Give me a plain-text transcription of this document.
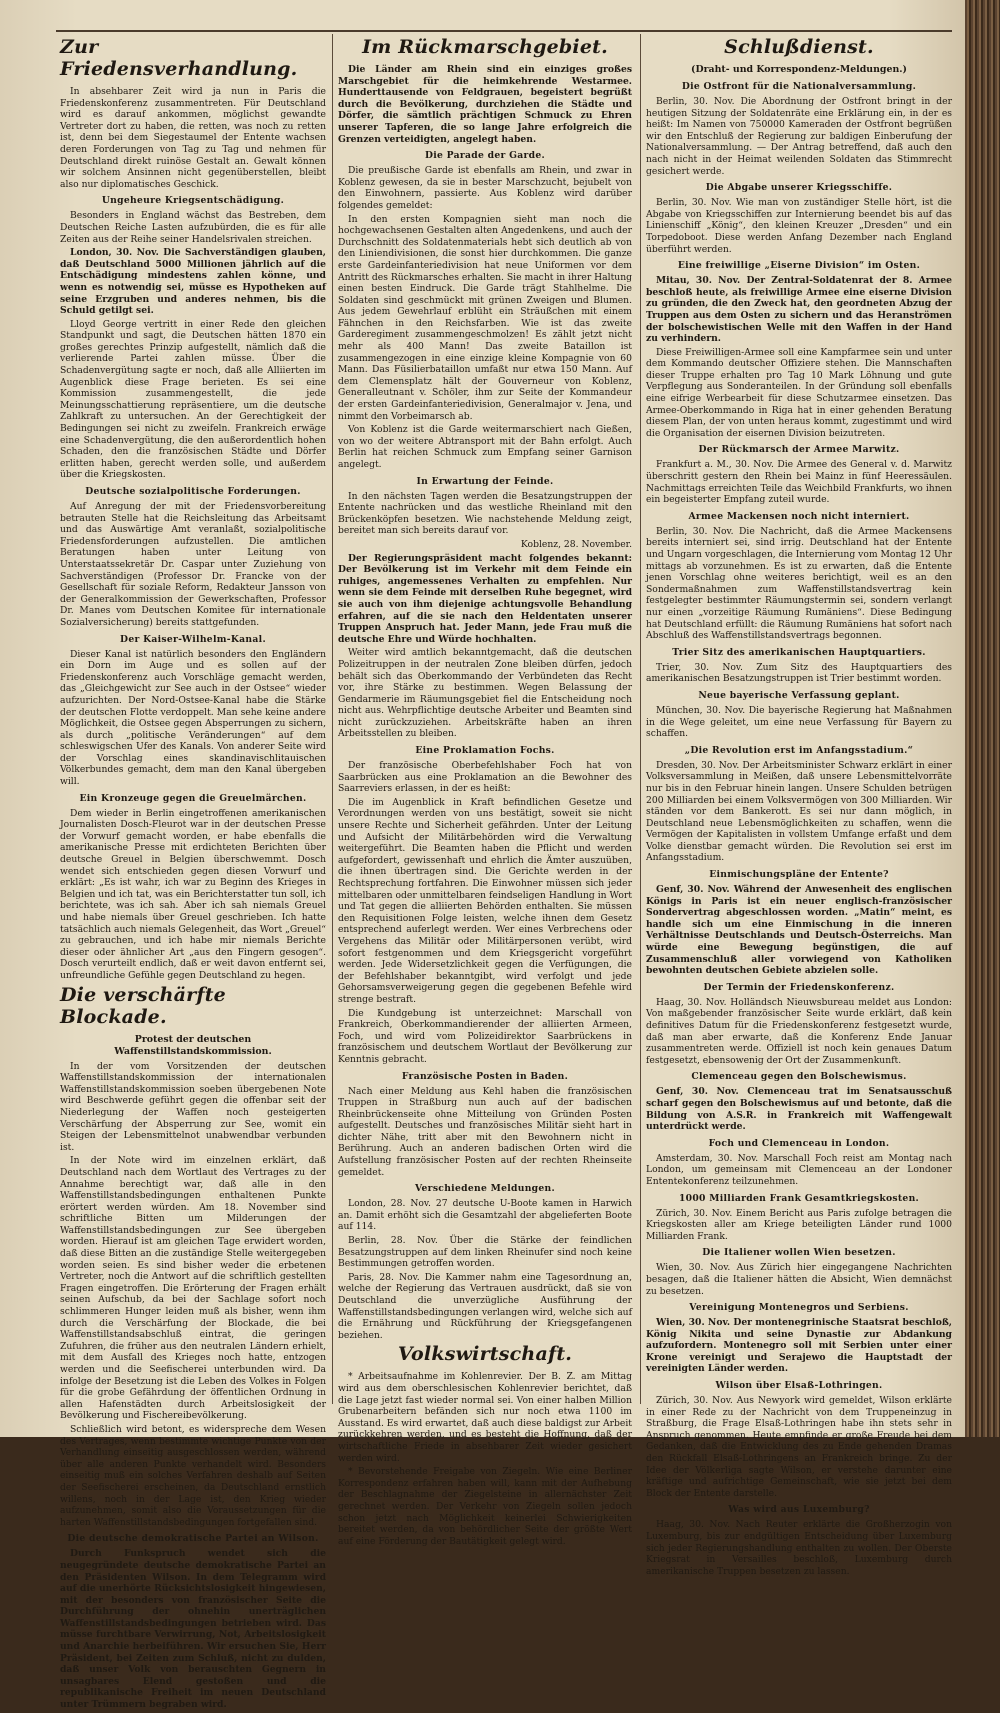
Zur Friedensverhandlung.

In absehbarer Zeit wird ja nun in Paris die Friedenskonferenz zusammentreten. Für Deutschland wird es darauf ankommen, möglichst gewandte Vertreter dort zu haben, die retten, was noch zu retten ist, denn bei dem Siegestaumel der Entente wachsen deren Forderungen von Tag zu Tag und nehmen für Deutschland direkt ruinöse Gestalt an. Gewalt können wir solchem Ansinnen nicht gegenüberstellen, bleibt also nur diplomatisches Geschick.

Ungeheure Kriegsentschädigung.

Besonders in England wächst das Bestreben, dem Deutschen Reiche Lasten aufzubürden, die es für alle Zeiten aus der Reihe seiner Handelsrivalen streichen.

London, 30. Nov. Die Sachverständigen glauben, daß Deutschland 5000 Millionen jährlich auf die Entschädigung mindestens zahlen könne, und wenn es notwendig sei, müsse es Hypotheken auf seine Erzgruben und anderes nehmen, bis die Schuld getilgt sei.

Lloyd George vertritt in einer Rede den gleichen Standpunkt und sagt, die Deutschen hätten 1870 ein großes gerechtes Prinzip aufgestellt, nämlich daß die verlierende Partei zahlen müsse. Über die Schadenvergütung sagte er noch, daß alle Alliierten im Augenblick diese Frage berieten. Es sei eine Kommission zusammengestellt, die jede Meinungsschattierung repräsentiere, um die deutsche Zahlkraft zu untersuchen. An der Gerechtigkeit der Bedingungen sei nicht zu zweifeln. Frankreich erwäge eine Schadenvergütung, die den außerordentlich hohen Schaden, den die französischen Städte und Dörfer erlitten haben, gerecht werden solle, und außerdem über die Kriegskosten.

Deutsche sozialpolitische Forderungen.

Auf Anregung der mit der Friedensvorbereitung betrauten Stelle hat die Reichsleitung das Arbeitsamt und das Auswärtige Amt veranlaßt, sozialpolitische Friedensforderungen aufzustellen. Die amtlichen Beratungen haben unter Leitung von Unterstaatssekretär Dr. Caspar unter Zuziehung von Sachverständigen (Professor Dr. Francke von der Gesellschaft für soziale Reform, Redakteur Jansson von der Generalkommission der Gewerkschaften, Professor Dr. Manes vom Deutschen Komitee für internationale Sozialversicherung) bereits stattgefunden.

Der Kaiser-Wilhelm-Kanal.

Dieser Kanal ist natürlich besonders den Engländern ein Dorn im Auge und es sollen auf der Friedenskonferenz auch Vorschläge gemacht werden, das „Gleichgewicht zur See auch in der Ostsee“ wieder aufzurichten. Der Nord-Ostsee-Kanal habe die Stärke der deutschen Flotte verdoppelt. Man sehe keine andere Möglichkeit, die Ostsee gegen Absperrungen zu sichern, als durch „politische Veränderungen“ auf dem schleswigschen Ufer des Kanals. Von anderer Seite wird der Vorschlag eines skandinavischlitauischen Völkerbundes gemacht, dem man den Kanal übergeben will.

Ein Kronzeuge gegen die Greuelmärchen.

Dem wieder in Berlin eingetroffenen amerikanischen Journalisten Dosch-Fleurot war in der deutschen Presse der Vorwurf gemacht worden, er habe ebenfalls die amerikanische Presse mit erdichteten Berichten über deutsche Greuel in Belgien überschwemmt. Dosch wendet sich entschieden gegen diesen Vorwurf und erklärt: „Es ist wahr, ich war zu Beginn des Krieges in Belgien und ich tat, was ein Berichterstatter tun soll, ich berichtete, was ich sah. Aber ich sah niemals Greuel und habe niemals über Greuel geschrieben. Ich hatte tatsächlich auch niemals Gelegenheit, das Wort „Greuel“ zu gebrauchen, und ich habe mir niemals Berichte dieser oder ähnlicher Art „aus den Fingern gesogen“. Dosch verurteilt endlich, daß er weit davon entfernt sei, unfreundliche Gefühle gegen Deutschland zu hegen.

Die verschärfte Blockade.
Protest der deutschen Waffenstillstandskommission.

In der vom Vorsitzenden der deutschen Waffenstillstandskommission der internationalen Waffenstillstandskommission soeben übergebenen Note wird Beschwerde geführt gegen die offenbar seit der Niederlegung der Waffen noch gesteigerten Verschärfung der Absperrung zur See, womit ein Steigen der Lebensmittelnot unabwendbar verbunden ist.

In der Note wird im einzelnen erklärt, daß Deutschland nach dem Wortlaut des Vertrages zu der Annahme berechtigt war, daß alle in den Waffenstillstandsbedingungen enthaltenen Punkte erörtert werden würden. Am 18. November sind schriftliche Bitten um Milderungen der Waffenstillstandsbedingungen zur See übergeben worden. Hierauf ist am gleichen Tage erwidert worden, daß diese Bitten an die zuständige Stelle weitergegeben worden seien. Es sind bisher weder die erbetenen Vertreter, noch die Antwort auf die schriftlich gestellten Fragen eingetroffen. Die Erörterung der Fragen erhält seinen Aufschub, da bei der Sachlage sofort noch schlimmeren Hunger leiden muß als bisher, wenn ihm durch die Verschärfung der Blockade, die bei Waffenstillstandsabschluß eintrat, die geringen Zufuhren, die früher aus den neutralen Ländern erhielt, mit dem Ausfall des Krieges noch hatte, entzogen werden und die Seefischerei unterbunden wird. Da infolge der Besetzung ist die Leben des Volkes in Folgen für die grobe Gefährdung der öffentlichen Ordnung in allen Hafenstädten durch Arbeitslosigkeit der Bevölkerung und Fischereibevölkerung.

Schließlich wird betont, es widerspreche dem Wesen des Vertrages, wenn bestimmte wichtige Punkte von der Verhandlung einseitig ausgeschlossen werden, während über alle anderen Punkte verhandelt wird. Besonders einseitig muß ein solches Verfahren deshalb auf Seiten der Seefischerei erscheinen, da Deutschland ernstlich willens, noch in der Lage ist, den Krieg wieder aufzunehmen, somit also die Voraussetzungen für die harten Waffenstillstandsbedingungen fortgefallen sind.

Die deutsche demokratische Partei an Wilson.

Durch Funkspruch wendet sich die neugegründete deutsche demokratische Partei an den Präsidenten Wilson. In dem Telegramm wird auf die unerhörte Rücksichtslosigkeit hingewiesen, mit der besonders von französischer Seite die Durchführung der ohnehin unerträglichen Waffenstillstandsbedingungen betrieben wird. Das müsse furchtbare Verwirrung, Not, Arbeitslosigkeit und Anarchie herbeiführen. Wir ersuchen Sie, Herr Präsident, bei Zeiten zum Schluß, nicht zu dulden, daß unser Volk von berauschten Gegnern in unsagbares Elend gestoßen und die republikanische Freiheit im neuen Deutschland unter Trümmern begraben wird.

Im Rückmarschgebiet.

Die Länder am Rhein sind ein einziges großes Marschgebiet für die heimkehrende Westarmee. Hunderttausende von Feldgrauen, begeistert begrüßt durch die Bevölkerung, durchziehen die Städte und Dörfer, die sämtlich prächtigen Schmuck zu Ehren unserer Tapferen, die so lange Jahre erfolgreich die Grenzen verteidigten, angelegt haben.

Die Parade der Garde.

Die preußische Garde ist ebenfalls am Rhein, und zwar in Koblenz gewesen, da sie in bester Marschzucht, bejubelt von den Einwohnern, passierte. Aus Koblenz wird darüber folgendes gemeldet:

In den ersten Kompagnien sieht man noch die hochgewachsenen Gestalten alten Angedenkens, und auch der Durchschnitt des Soldatenmaterials hebt sich deutlich ab von den Liniendivisionen, die sonst hier durchkommen. Die ganze erste Gardeinfanteriedivision hat neue Uniformen vor dem Antritt des Rückmarsches erhalten. Sie macht in ihrer Haltung einen besten Eindruck. Die Garde trägt Stahlhelme. Die Soldaten sind geschmückt mit grünen Zweigen und Blumen. Aus jedem Gewehrlauf erblüht ein Sträußchen mit einem Fähnchen in den Reichsfarben. Wie ist das zweite Garderegiment zusammengeschmolzen! Es zählt jetzt nicht mehr als 400 Mann! Das zweite Bataillon ist zusammengezogen in eine einzige kleine Kompagnie von 60 Mann. Das Füsilierbataillon umfaßt nur etwa 150 Mann. Auf dem Clemensplatz hält der Gouverneur von Koblenz, Generalleutnant v. Schöler, ihm zur Seite der Kommandeur der ersten Gardeinfanteriedivision, Generalmajor v. Jena, und nimmt den Vorbeimarsch ab.

Von Koblenz ist die Garde weitermarschiert nach Gießen, von wo der weitere Abtransport mit der Bahn erfolgt. Auch Berlin hat reichen Schmuck zum Empfang seiner Garnison angelegt.

In Erwartung der Feinde.

In den nächsten Tagen werden die Besatzungstruppen der Entente nachrücken und das westliche Rheinland mit den Brückenköpfen besetzen. Wie nachstehende Meldung zeigt, bereitet man sich bereits darauf vor.

Koblenz, 28. November.

Der Regierungspräsident macht folgendes bekannt: Der Bevölkerung ist im Verkehr mit dem Feinde ein ruhiges, angemessenes Verhalten zu empfehlen. Nur wenn sie dem Feinde mit derselben Ruhe begegnet, wird sie auch von ihm diejenige achtungsvolle Behandlung erfahren, auf die sie nach den Heldentaten unserer Truppen Anspruch hat. Jeder Mann, jede Frau muß die deutsche Ehre und Würde hochhalten.

Weiter wird amtlich bekanntgemacht, daß die deutschen Polizeitruppen in der neutralen Zone bleiben dürfen, jedoch behält sich das Oberkommando der Verbündeten das Recht vor, ihre Stärke zu bestimmen. Wegen Belassung der Gendarmerie im Räumungsgebiet fiel die Entscheidung noch nicht aus. Wehrpflichtige deutsche Arbeiter und Beamten sind nicht zurückzuziehen. Arbeitskräfte haben an ihren Arbeitsstellen zu bleiben.

Eine Proklamation Fochs.

Der französische Oberbefehlshaber Foch hat von Saarbrücken aus eine Proklamation an die Bewohner des Saarreviers erlassen, in der es heißt:

Die im Augenblick in Kraft befindlichen Gesetze und Verordnungen werden von uns bestätigt, soweit sie nicht unsere Rechte und Sicherheit gefährden. Unter der Leitung und Aufsicht der Militärbehörden wird die Verwaltung weitergeführt. Die Beamten haben die Pflicht und werden aufgefordert, gewissenhaft und ehrlich die Ämter auszuüben, die ihnen übertragen sind. Die Gerichte werden in der Rechtsprechung fortfahren. Die Einwohner müssen sich jeder mittelbaren oder unmittelbaren feindseligen Handlung in Wort und Tat gegen die alliierten Behörden enthalten. Sie müssen den Requisitionen Folge leisten, welche ihnen dem Gesetz entsprechend auferlegt werden. Wer eines Verbrechens oder Vergehens das Militär oder Militärpersonen verübt, wird sofort festgenommen und dem Kriegsgericht vorgeführt werden. Jede Widersetzlichkeit gegen die Verfügungen, die der Befehlshaber bekanntgibt, wird verfolgt und jede Gehorsamsverweigerung gegen die gegebenen Befehle wird strenge bestraft.

Die Kundgebung ist unterzeichnet: Marschall von Frankreich, Oberkommandierender der alliierten Armeen, Foch, und wird vom Polizeidirektor Saarbrückens in französischem und deutschem Wortlaut der Bevölkerung zur Kenntnis gebracht.

Französische Posten in Baden.

Nach einer Meldung aus Kehl haben die französischen Truppen in Straßburg nun auch auf der badischen Rheinbrückenseite ohne Mitteilung von Gründen Posten aufgestellt. Deutsches und französisches Militär sieht hart in dichter Nähe, tritt aber mit den Bewohnern nicht in Berührung. Auch an anderen badischen Orten wird die Aufstellung französischer Posten auf der rechten Rheinseite gemeldet.

Verschiedene Meldungen.

London, 28. Nov. 27 deutsche U-Boote kamen in Harwich an. Damit erhöht sich die Gesamtzahl der abgelieferten Boote auf 114.

Berlin, 28. Nov. Über die Stärke der feindlichen Besatzungstruppen auf dem linken Rheinufer sind noch keine Bestimmungen getroffen worden.

Paris, 28. Nov. Die Kammer nahm eine Tagesordnung an, welche der Regierung das Vertrauen ausdrückt, daß sie von Deutschland die unverzügliche Ausführung der Waffenstillstandsbedingungen verlangen wird, welche sich auf die Ernährung und Rückführung der Kriegsgefangenen beziehen.

Volkswirtschaft.

* Arbeitsaufnahme im Kohlenrevier. Der B. Z. am Mittag wird aus dem oberschlesischen Kohlenrevier berichtet, daß die Lage jetzt fast wieder normal sei. Von einer halben Million Grubenarbeitern befänden sich nur noch etwa 1100 im Ausstand. Es wird erwartet, daß auch diese baldigst zur Arbeit zurückkehren werden, und es besteht die Hoffnung, daß der wirtschaftliche Friede in absehbarer Zeit wieder gesichert werden wird.

* Bevorstehende Freigabe von Ziegeln. Wie eine Berliner Korrespondenz erfahren haben will, kann mit der Aufhebung der Beschlagnahme der Ziegelsteine in allernächster Zeit gerechnet werden. Der Verkehr von Ziegeln sollen jedoch schon jetzt nach Möglichkeit keinerlei Schwierigkeiten bereitet werden, da von behördlicher Seite der größte Wert auf eine Förderung der Bautätigkeit gelegt wird.

Schlußdienst.
(Draht- und Korrespondenz-Meldungen.)
Die Ostfront für die Nationalversammlung.

Berlin, 30. Nov. Die Abordnung der Ostfront bringt in der heutigen Sitzung der Soldatenräte eine Erklärung ein, in der es heißt: Im Namen von 750000 Kameraden der Ostfront begrüßen wir den Entschluß der Regierung zur baldigen Einberufung der Nationalversammlung. — Der Antrag betreffend, daß auch den nach nicht in der Heimat weilenden Soldaten das Stimmrecht gesichert werde.

Die Abgabe unserer Kriegsschiffe.

Berlin, 30. Nov. Wie man von zuständiger Stelle hört, ist die Abgabe von Kriegsschiffen zur Internierung beendet bis auf das Linienschiff „König“, den kleinen Kreuzer „Dresden“ und ein Torpedoboot. Diese werden Anfang Dezember nach England überführt werden.

Eine freiwillige „Eiserne Division“ im Osten.

Mitau, 30. Nov. Der Zentral-Soldatenrat der 8. Armee beschloß heute, als freiwillige Armee eine eiserne Division zu gründen, die den Zweck hat, den geordneten Abzug der Truppen aus dem Osten zu sichern und das Heranströmen der bolschewistischen Welle mit den Waffen in der Hand zu verhindern.

Diese Freiwilligen-Armee soll eine Kampfarmee sein und unter dem Kommando deutscher Offiziere stehen. Die Mannschaften dieser Truppe erhalten pro Tag 10 Mark Löhnung und gute Verpflegung aus Sonderanteilen. In der Gründung soll ebenfalls eine eifrige Werbearbeit für diese Schutzarmee einsetzen. Das Armee-Oberkommando in Riga hat in einer gehenden Beratung diesem Plan, der von unten heraus kommt, zugestimmt und wird die Organisation der eisernen Division beizutreten.

Der Rückmarsch der Armee Marwitz.

Frankfurt a. M., 30. Nov. Die Armee des General v. d. Marwitz überschritt gestern den Rhein bei Mainz in fünf Heeressäulen. Nachmittags erreichten Teile das Weichbild Frankfurts, wo ihnen ein begeisterter Empfang zuteil wurde.

Armee Mackensen noch nicht interniert.

Berlin, 30. Nov. Die Nachricht, daß die Armee Mackensens bereits interniert sei, sind irrig. Deutschland hat der Entente und Ungarn vorgeschlagen, die Internierung vom Montag 12 Uhr mittags ab vorzunehmen. Es ist zu erwarten, daß die Entente jenen Vorschlag ohne weiteres berichtigt, weil es an den Sondermaßnahmen zum Waffenstillstandsvertrag kein festgelegter bestimmter Räumungstermin sei, sondern verlangt nur einen „vorzeitige Räumung Rumäniens“. Diese Bedingung hat Deutschland erfüllt: die Räumung Rumäniens hat sofort nach Abschluß des Waffenstillstandsvertrags begonnen.

Trier Sitz des amerikanischen Hauptquartiers.

Trier, 30. Nov. Zum Sitz des Hauptquartiers des amerikanischen Besatzungstruppen ist Trier bestimmt worden.

Neue bayerische Verfassung geplant.

München, 30. Nov. Die bayerische Regierung hat Maßnahmen in die Wege geleitet, um eine neue Verfassung für Bayern zu schaffen.

„Die Revolution erst im Anfangsstadium.“

Dresden, 30. Nov. Der Arbeitsminister Schwarz erklärt in einer Volksversammlung in Meißen, daß unsere Lebensmittelvorräte nur bis in den Februar hinein langen. Unsere Schulden betrügen 200 Milliarden bei einem Volksvermögen von 300 Milliarden. Wir ständen vor dem Bankerott. Es sei nur dann möglich, in Deutschland neue Lebensmöglichkeiten zu schaffen, wenn die Vermögen der Kapitalisten in vollstem Umfange erfaßt und dem Volke dienstbar gemacht würden. Die Revolution sei erst im Anfangsstadium.

Einmischungspläne der Entente?

Genf, 30. Nov. Während der Anwesenheit des englischen Königs in Paris ist ein neuer englisch-französischer Sondervertrag abgeschlossen worden. „Matin“ meint, es handle sich um eine Einmischung in die inneren Verhältnisse Deutschlands und Deutsch-Österreichs. Man würde eine Bewegung begünstigen, die auf Zusammenschluß aller vorwiegend von Katholiken bewohnten deutschen Gebiete abzielen solle.

Der Termin der Friedenskonferenz.

Haag, 30. Nov. Holländsch Nieuwsbureau meldet aus London: Von maßgebender französischer Seite wurde erklärt, daß kein definitives Datum für die Friedenskonferenz festgesetzt wurde, daß man aber erwarte, daß die Konferenz Ende Januar zusammentreten werde. Offiziell ist noch kein genaues Datum festgesetzt, ebensowenig der Ort der Zusammenkunft.

Clemenceau gegen den Bolschewismus.

Genf, 30. Nov. Clemenceau trat im Senatsausschuß scharf gegen den Bolschewismus auf und betonte, daß die Bildung von A.S.R. in Frankreich mit Waffengewalt unterdrückt werde.

Foch und Clemenceau in London.

Amsterdam, 30. Nov. Marschall Foch reist am Montag nach London, um gemeinsam mit Clemenceau an der Londoner Ententekonferenz teilzunehmen.

1000 Milliarden Frank Gesamtkriegskosten.

Zürich, 30. Nov. Einem Bericht aus Paris zufolge betragen die Kriegskosten aller am Kriege beteiligten Länder rund 1000 Milliarden Frank.

Die Italiener wollen Wien besetzen.

Wien, 30. Nov. Aus Zürich hier eingegangene Nachrichten besagen, daß die Italiener hätten die Absicht, Wien demnächst zu besetzen.

Vereinigung Montenegros und Serbiens.

Wien, 30. Nov. Der montenegrinische Staatsrat beschloß, König Nikita und seine Dynastie zur Abdankung aufzufordern. Montenegro soll mit Serbien unter einer Krone vereinigt und Serajewo die Hauptstadt der vereinigten Länder werden.

Wilson über Elsaß-Lothringen.

Zürich, 30. Nov. Aus Newyork wird gemeldet, Wilson erklärte in einer Rede zu der Nachricht von dem Truppeneinzug in Straßburg, die Frage Elsaß-Lothringen habe ihn stets sehr in Anspruch genommen. Heute empfinde er große Freude bei dem Gedanken, daß die Entwicklung des zu Ende gehenden Dramas den Rückfall Elsaß-Lothringens an Frankreich bringe. Zu der Idee der Völkerliga sagte Wilson, er verstehe darunter eine kräftige und aufrichtige Gemeinschaft, wie sie jetzt bei dem Block der Entente darstelle.

Was wird aus Luxemburg?

Haag, 30. Nov. Nach Reuter erklärte die Großherzogin von Luxemburg, bis zur endgültigen Entscheidung über Luxemburg sich jeder Regierungshandlung enthalten zu wollen. Der Oberste Kriegsrat in Versailles beschloß, Luxemburg durch amerikanische Truppen besetzen zu lassen.
